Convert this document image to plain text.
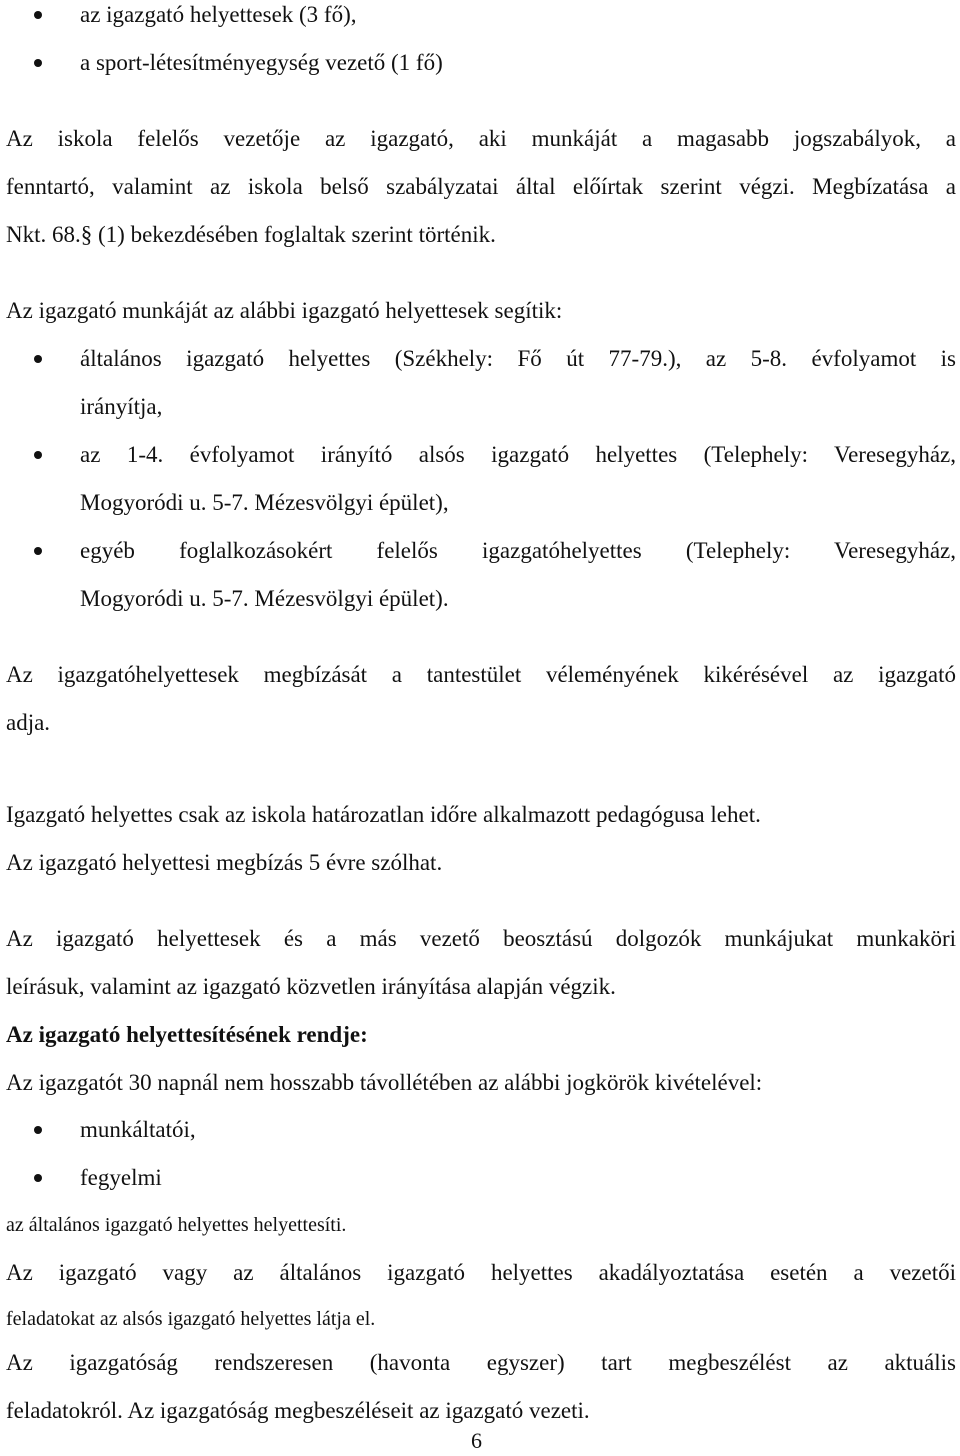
az igazgató helyettesek (3 fő),
a sport-létesítményegység vezető (1 fő)
Az iskola felelős vezetője az igazgató, aki munkáját a magasabb jogszabályok, a
fenntartó, valamint az iskola belső szabályzatai által előírtak szerint végzi. Megbízatása a
Nkt. 68.§ (1) bekezdésében foglaltak szerint történik.
Az igazgató munkáját az alábbi igazgató helyettesek segítik:
általános igazgató helyettes (Székhely: Fő út 77-79.), az 5-8. évfolyamot is
irányítja,
az 1-4. évfolyamot irányító alsós igazgató helyettes (Telephely: Veresegyház,
Mogyoródi u. 5-7. Mézesvölgyi épület),
egyéb foglalkozásokért felelős igazgatóhelyettes (Telephely: Veresegyház,
Mogyoródi u. 5-7. Mézesvölgyi épület).
Az igazgatóhelyettesek megbízását a tantestület véleményének kikérésével az igazgató
adja.
Igazgató helyettes csak az iskola határozatlan időre alkalmazott pedagógusa lehet.
Az igazgató helyettesi megbízás 5 évre szólhat.
Az igazgató helyettesek és a más vezető beosztású dolgozók munkájukat munkaköri
leírásuk, valamint az igazgató közvetlen irányítása alapján végzik.
Az igazgató helyettesítésének rendje:
Az igazgatót 30 napnál nem hosszabb távollétében az alábbi jogkörök kivételével:
munkáltatói,
fegyelmi
az általános igazgató helyettes helyettesíti.
Az igazgató vagy az általános igazgató helyettes akadályoztatása esetén a vezetői
feladatokat az alsós igazgató helyettes látja el.
Az igazgatóság rendszeresen (havonta egyszer) tart megbeszélést az aktuális
feladatokról. Az igazgatóság megbeszéléseit az igazgató vezeti.
6
